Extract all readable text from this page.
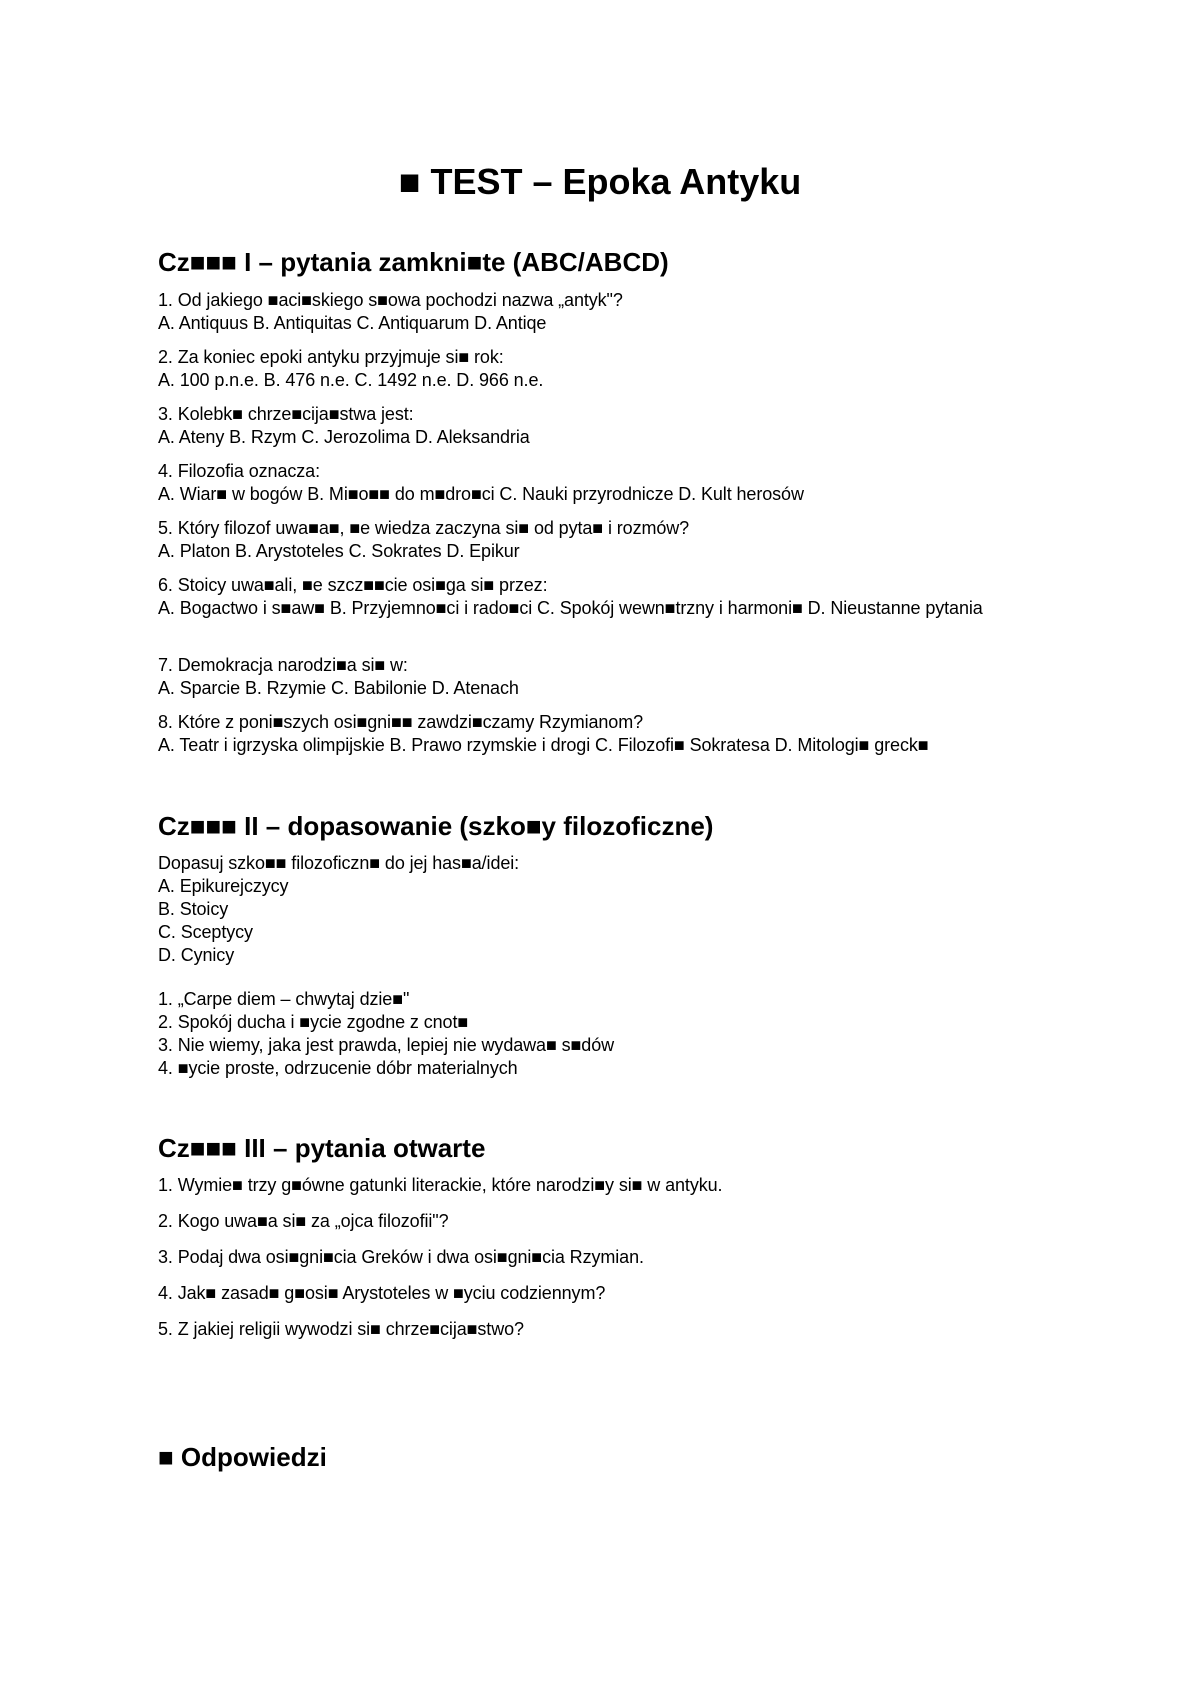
■ TEST – Epoka Antyku
Cz■■■ I – pytania zamkni■te (ABC/ABCD)

1. Od jakiego ■aci■skiego s■owa pochodzi nazwa „antyk"?

A. Antiquus B. Antiquitas C. Antiquarum D. Antiqe

2. Za koniec epoki antyku przyjmuje si■ rok:

A. 100 p.n.e. B. 476 n.e. C. 1492 n.e. D. 966 n.e.

3. Kolebk■ chrze■cija■stwa jest:

A. Ateny B. Rzym C. Jerozolima D. Aleksandria

4. Filozofia oznacza:

A. Wiar■ w bogów B. Mi■o■■ do m■dro■ci C. Nauki przyrodnicze D. Kult herosów

5. Który filozof uwa■a■, ■e wiedza zaczyna si■ od pyta■ i rozmów?

A. Platon B. Arystoteles C. Sokrates D. Epikur

6. Stoicy uwa■ali, ■e szcz■■cie osi■ga si■ przez:

A. Bogactwo i s■aw■ B. Przyjemno■ci i rado■ci C. Spokój wewn■trzny i harmoni■ D. Nieustanne pytania

7. Demokracja narodzi■a si■ w:

A. Sparcie B. Rzymie C. Babilonie D. Atenach

8. Które z poni■szych osi■gni■■ zawdzi■czamy Rzymianom?

A. Teatr i igrzyska olimpijskie B. Prawo rzymskie i drogi C. Filozofi■ Sokratesa D. Mitologi■ greck■

Cz■■■ II – dopasowanie (szko■y filozoficzne)

Dopasuj szko■■ filozoficzn■ do jej has■a/idei:

A. Epikurejczycy

B. Stoicy

C. Sceptycy

D. Cynicy

1. „Carpe diem – chwytaj dzie■"

2. Spokój ducha i ■ycie zgodne z cnot■

3. Nie wiemy, jaka jest prawda, lepiej nie wydawa■ s■dów

4. ■ycie proste, odrzucenie dóbr materialnych

Cz■■■ III – pytania otwarte

1. Wymie■ trzy g■ówne gatunki literackie, które narodzi■y si■ w antyku.

2. Kogo uwa■a si■ za „ojca filozofii"?

3. Podaj dwa osi■gni■cia Greków i dwa osi■gni■cia Rzymian.

4. Jak■ zasad■ g■osi■ Arystoteles w ■yciu codziennym?

5. Z jakiej religii wywodzi si■ chrze■cija■stwo?

■ Odpowiedzi
